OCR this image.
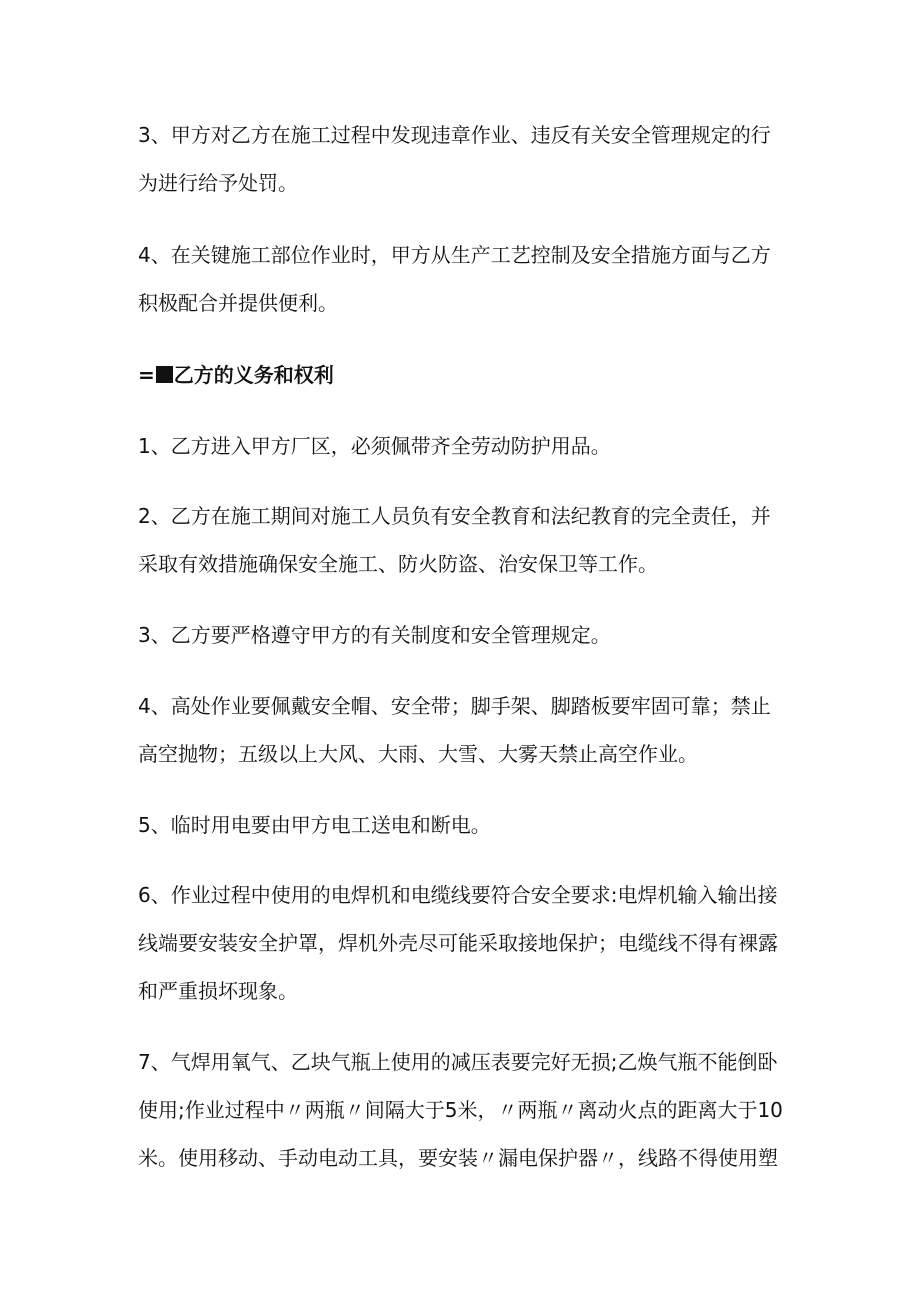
3、甲方对乙方在施工过程中发现违章作业、违反有关安全管理规定的行为进行给予处罚。

4、在关键施工部位作业时，甲方从生产工艺控制及安全措施方面与乙方积极配合并提供便利。

= 乙方的义务和权利

1、乙方进入甲方厂区，必须佩带齐全劳动防护用品。

2、乙方在施工期间对施工人员负有安全教育和法纪教育的完全责任，并采取有效措施确保安全施工、防火防盗、治安保卫等工作。

3、乙方要严格遵守甲方的有关制度和安全管理规定。

4、高处作业要佩戴安全帽、安全带；脚手架、脚踏板要牢固可靠；禁止高空抛物；五级以上大风、大雨、大雪、大雾天禁止高空作业。

5、临时用电要由甲方电工送电和断电。

6、作业过程中使用的电焊机和电缆线要符合安全要求:电焊机输入输出接线端要安装安全护罩，焊机外壳尽可能采取接地保护；电缆线不得有裸露和严重损坏现象。

7、气焊用氧气、乙块气瓶上使用的减压表要完好无损;乙焕气瓶不能倒卧使用;作业过程中〃两瓶〃间隔大于5米，〃两瓶〃离动火点的距离大于10米。使用移动、手动电动工具，要安装〃漏电保护器〃，线路不得使用塑
